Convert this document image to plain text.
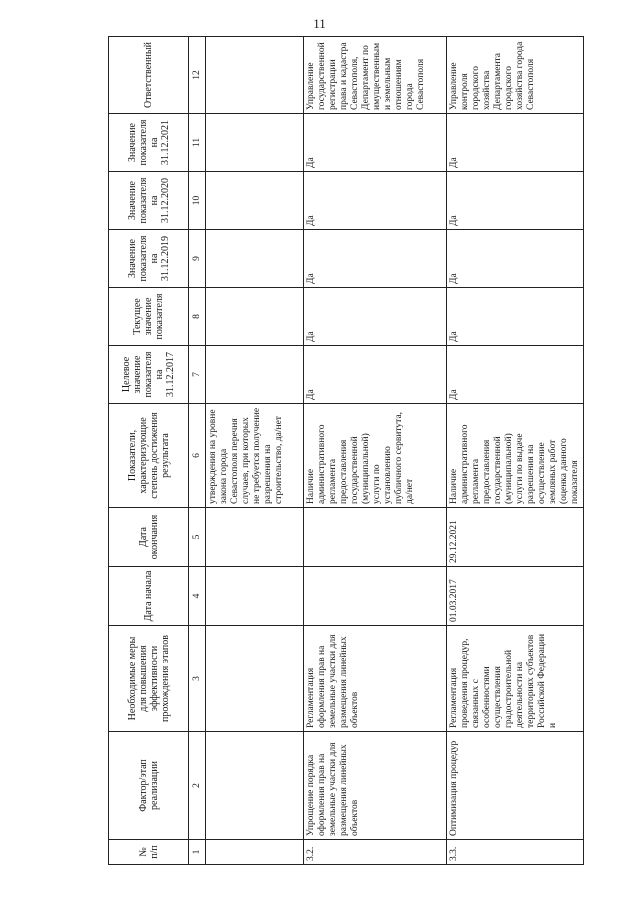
11
№ п/п	Фактор/этап реализации	Необходимые меры для повышения эффективности прохождения этапов	Дата начала	Дата окончания	Показатели, характеризующие степень достижения результата	Целевое значение показателя на 31.12.2017	Текущее значение показателя	Значение показателя на 31.12.2019	Значение показателя на 31.12.2020	Значение показателя на 31.12.2021	Ответственный
1	2	3	4	5	6	7	8	9	10	11	12
					утверждения на уровне закона города Севастополя перечня случаев, при которых не требуется получение разрешения на строительство, да/нет						
3.2.	Упрощение порядка оформления прав на земельные участки для размещения линейных объектов	Регламентация оформления прав на земельные участки для размещения линейных объектов			Наличие административного регламента предоставления государственной (муниципальной) услуги по установлению публичного сервитута, да/нет	Да	Да	Да	Да	Да	Управление государственной регистрации права и кадастра Севастополя, Департамент по имущественным и земельным отношениям города Севастополя
3.3.	Оптимизация процедур	Регламентация проведения процедур, связанных с особенностями осуществления градостроительной деятельности на территориях субъектов Российской Федерации и	01.03.2017	29.12.2021	Наличие административного регламента предоставления государственной (муниципальной) услуги по выдаче разрешения на осуществление земляных работ (оценка данного показателя	Да	Да	Да	Да	Да	Управление контроля городского хозяйства Департамента городского хозяйства города Севастополя
